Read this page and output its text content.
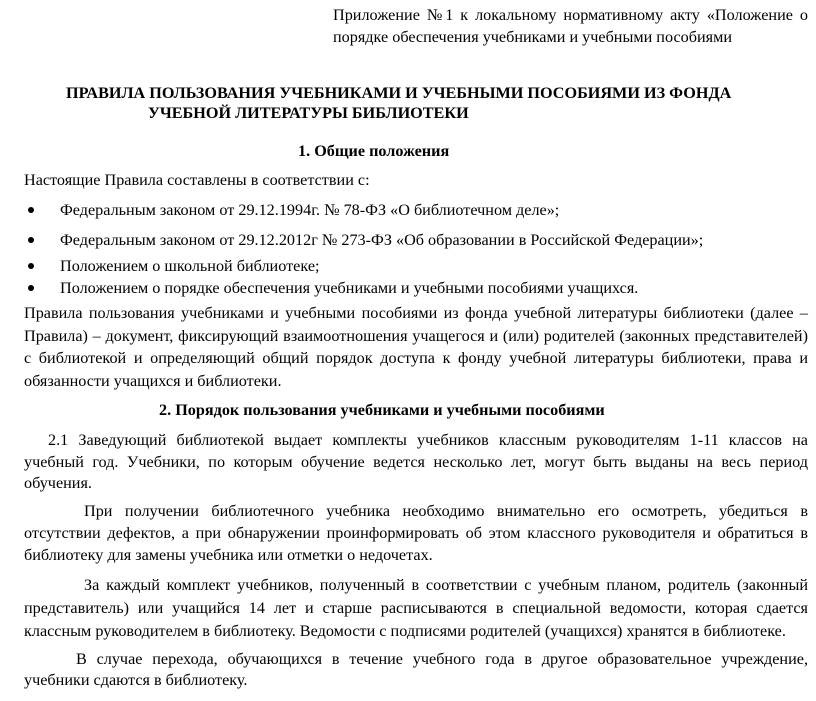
Приложение №1 к локальному нормативному акту «Положение о порядке обеспечения учебниками и учебными пособиями
ПРАВИЛА ПОЛЬЗОВАНИЯ УЧЕБНИКАМИ И УЧЕБНЫМИ ПОСОБИЯМИ ИЗ ФОНДА
УЧЕБНОЙ ЛИТЕРАТУРЫ БИБЛИОТЕКИ
1. Общие положения
Настоящие Правила составлены в соответствии с:
Федеральным законом от 29.12.1994г. № 78-ФЗ «О библиотечном деле»;
Федеральным законом от 29.12.2012г № 273-ФЗ «Об образовании в Российской Федерации»;
Положением о школьной библиотеке;
Положением о порядке обеспечения учебниками и учебными пособиями учащихся.
Правила пользования учебниками и учебными пособиями из фонда учебной литературы библиотеки (далее – Правила) – документ, фиксирующий взаимоотношения учащегося и (или) родителей (законных представителей) с библиотекой и определяющий общий порядок доступа к фонду учебной литературы библиотеки, права и обязанности учащихся и библиотеки.
2. Порядок пользования учебниками и учебными пособиями
2.1 Заведующий библиотекой выдает комплекты учебников классным руководителям 1-11 классов на учебный год. Учебники, по которым обучение ведется несколько лет, могут быть выданы на весь период обучения.
При получении библиотечного учебника необходимо внимательно его осмотреть, убедиться в отсутствии дефектов, а при обнаружении проинформировать об этом классного руководителя и обратиться в библиотеку для замены учебника или отметки о недочетах.
За каждый комплект учебников, полученный в соответствии с учебным планом, родитель (законный представитель) или учащийся 14 лет и старше расписываются в специальной ведомости, которая сдается классным руководителем в библиотеку. Ведомости с подписями родителей (учащихся) хранятся в библиотеке.
В случае перехода, обучающихся в течение учебного года в другое образовательное учреждение, учебники сдаются в библиотеку.
